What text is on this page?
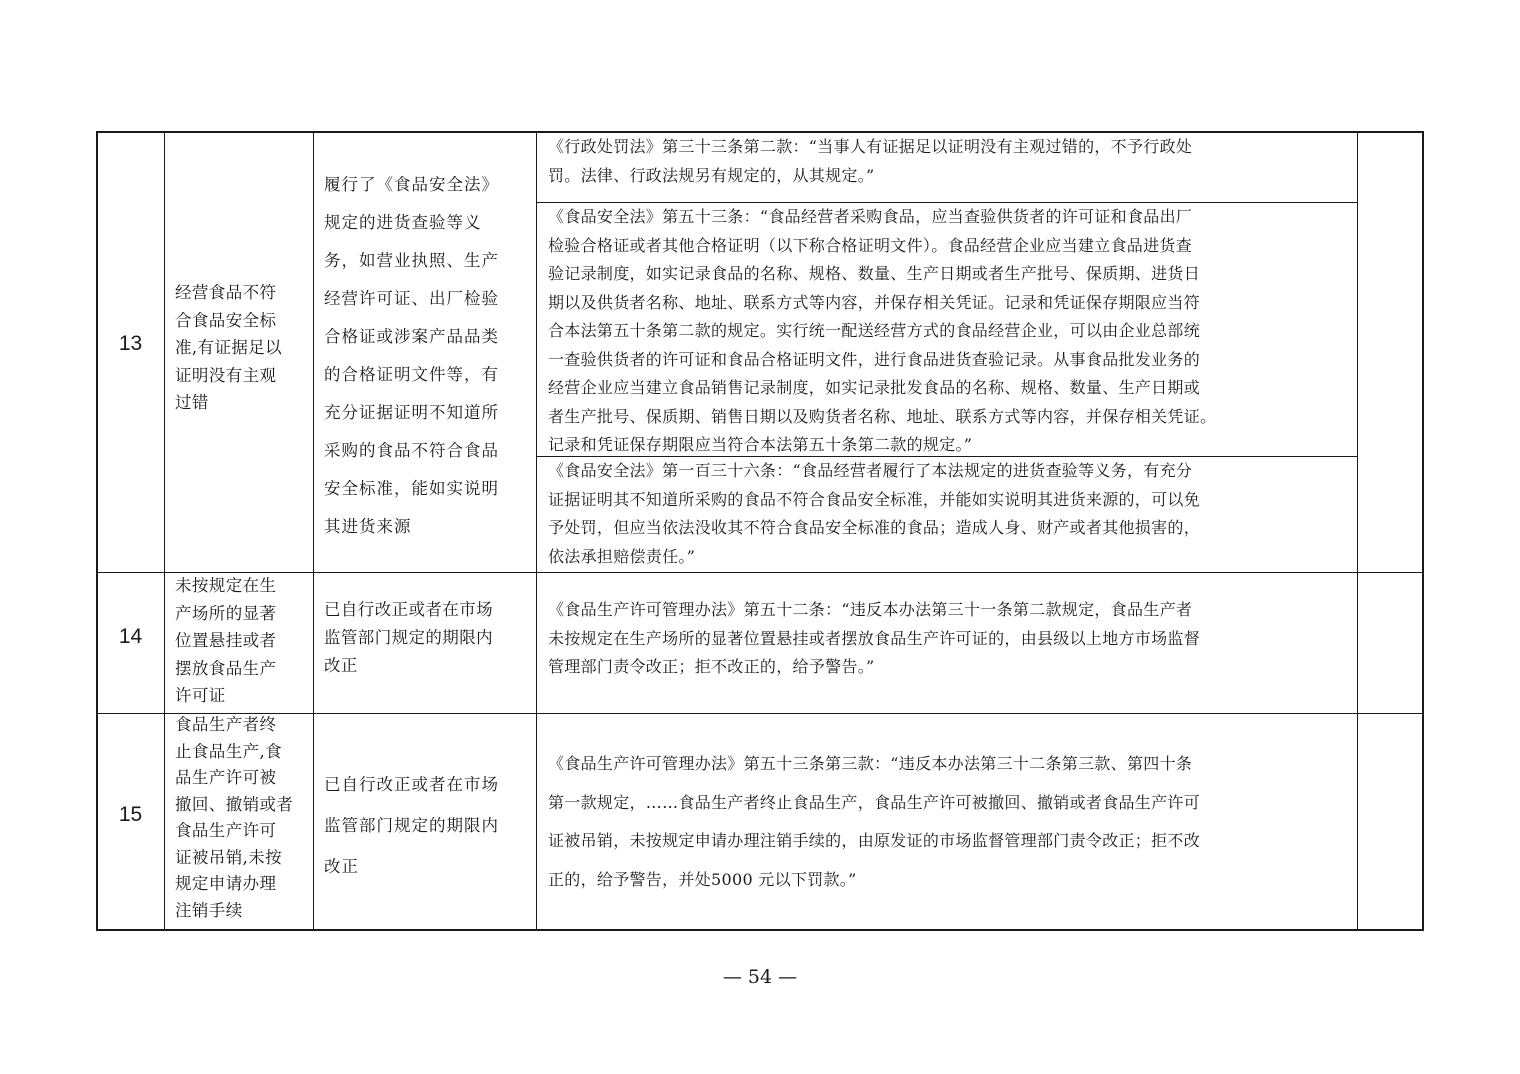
13
经营食品不符
合食品安全标
准,有证据足以
证明没有主观
过错
履行了《食品安全法》
规定的进货查验等义
务，如营业执照、生产
经营许可证、出厂检验
合格证或涉案产品品类
的合格证明文件等，有
充分证据证明不知道所
采购的食品不符合食品
安全标准，能如实说明
其进货来源
《行政处罚法》第三十三条第二款：“当事人有证据足以证明没有主观过错的，不予行政处
罚。法律、行政法规另有规定的，从其规定。”
《食品安全法》第五十三条：“食品经营者采购食品，应当查验供货者的许可证和食品出厂
检验合格证或者其他合格证明（以下称合格证明文件）。食品经营企业应当建立食品进货查
验记录制度，如实记录食品的名称、规格、数量、生产日期或者生产批号、保质期、进货日
期以及供货者名称、地址、联系方式等内容，并保存相关凭证。记录和凭证保存期限应当符
合本法第五十条第二款的规定。实行统一配送经营方式的食品经营企业，可以由企业总部统
一查验供货者的许可证和食品合格证明文件，进行食品进货查验记录。从事食品批发业务的
经营企业应当建立食品销售记录制度，如实记录批发食品的名称、规格、数量、生产日期或
者生产批号、保质期、销售日期以及购货者名称、地址、联系方式等内容，并保存相关凭证。
记录和凭证保存期限应当符合本法第五十条第二款的规定。”
《食品安全法》第一百三十六条：“食品经营者履行了本法规定的进货查验等义务，有充分
证据证明其不知道所采购的食品不符合食品安全标准，并能如实说明其进货来源的，可以免
予处罚，但应当依法没收其不符合食品安全标准的食品；造成人身、财产或者其他损害的，
依法承担赔偿责任。”
14
未按规定在生
产场所的显著
位置悬挂或者
摆放食品生产
许可证
已自行改正或者在市场
监管部门规定的期限内
改正
《食品生产许可管理办法》第五十二条：“违反本办法第三十一条第二款规定，食品生产者
未按规定在生产场所的显著位置悬挂或者摆放食品生产许可证的，由县级以上地方市场监督
管理部门责令改正；拒不改正的，给予警告。”
15
食品生产者终
止食品生产,食
品生产许可被
撤回、撤销或者
食品生产许可
证被吊销,未按
规定申请办理
注销手续
已自行改正或者在市场
监管部门规定的期限内
改正
《食品生产许可管理办法》第五十三条第三款：“违反本办法第三十二条第三款、第四十条
第一款规定，……食品生产者终止食品生产，食品生产许可被撤回、撤销或者食品生产许可
证被吊销，未按规定申请办理注销手续的，由原发证的市场监督管理部门责令改正；拒不改
正的，给予警告，并处5000 元以下罚款。”
— 54 —
